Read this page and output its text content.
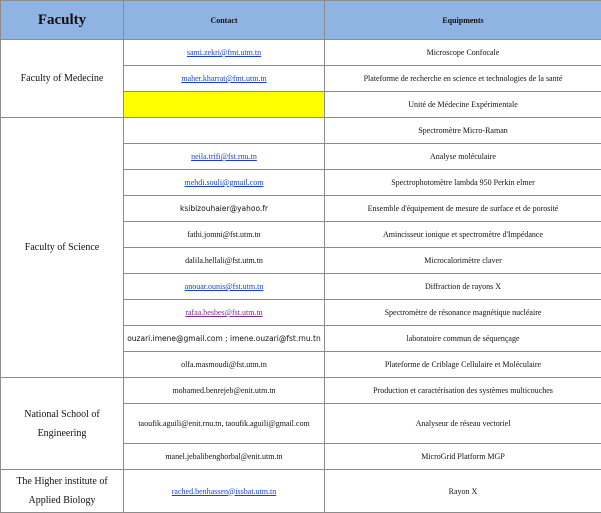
Faculty	Contact	Equipments
Faculty of Medecine	sami.zekri@fmt.utm.tn	Microscope Confocale
	maher.kharrat@fmt.utm.tn	Plateforme de recherche en science et technologies de la santé
		Unité de Médecine Expérimentale
Faculty of Science		Spectromètre Micro-Raman
	neila.trifi@fst.rnu.tn	Analyse moléculaire
	mehdi.souli@gmail.com	Spectrophotomètre lambda 950 Perkin elmer
	ksibizouhaier@yahoo.fr	Ensemble d'équipement de mesure de surface et de porosité
	fathi.jomni@fst.utm.tn	Amincisseur ionique et spectromètre d'Impédance
	dalila.hellali@fst.utm.tn	Microcalorimètre claver
	anouar.ounis@fst.utm.tn	Diffraction de rayons X
	rafaa.besbes@fst.utm.tn	Spectromètre de résonance magnétique nucléaire
	ouzari.imene@gmail.com ; imene.ouzari@fst.rnu.tn	laboratoire commun de séquençage
	olfa.masmoudi@fst.utm.tn	Plateforme de Criblage Cellulaire et Moléculaire
National School of Engineering	mohamed.benrejeb@enit.utm.tn	Production et caractérisation des systèmes multicouches
	taoufik.aguili@enit.rnu.tn, taoufik.aguili@gmail.com	Analyseur de réseau vectoriel
	manel.jebalibenghorbal@enit.utm.tn	MicroGrid Platform MGP
The Higher institute of Applied Biology	rached.benhassen@issbat.utm.tn	Rayon X
